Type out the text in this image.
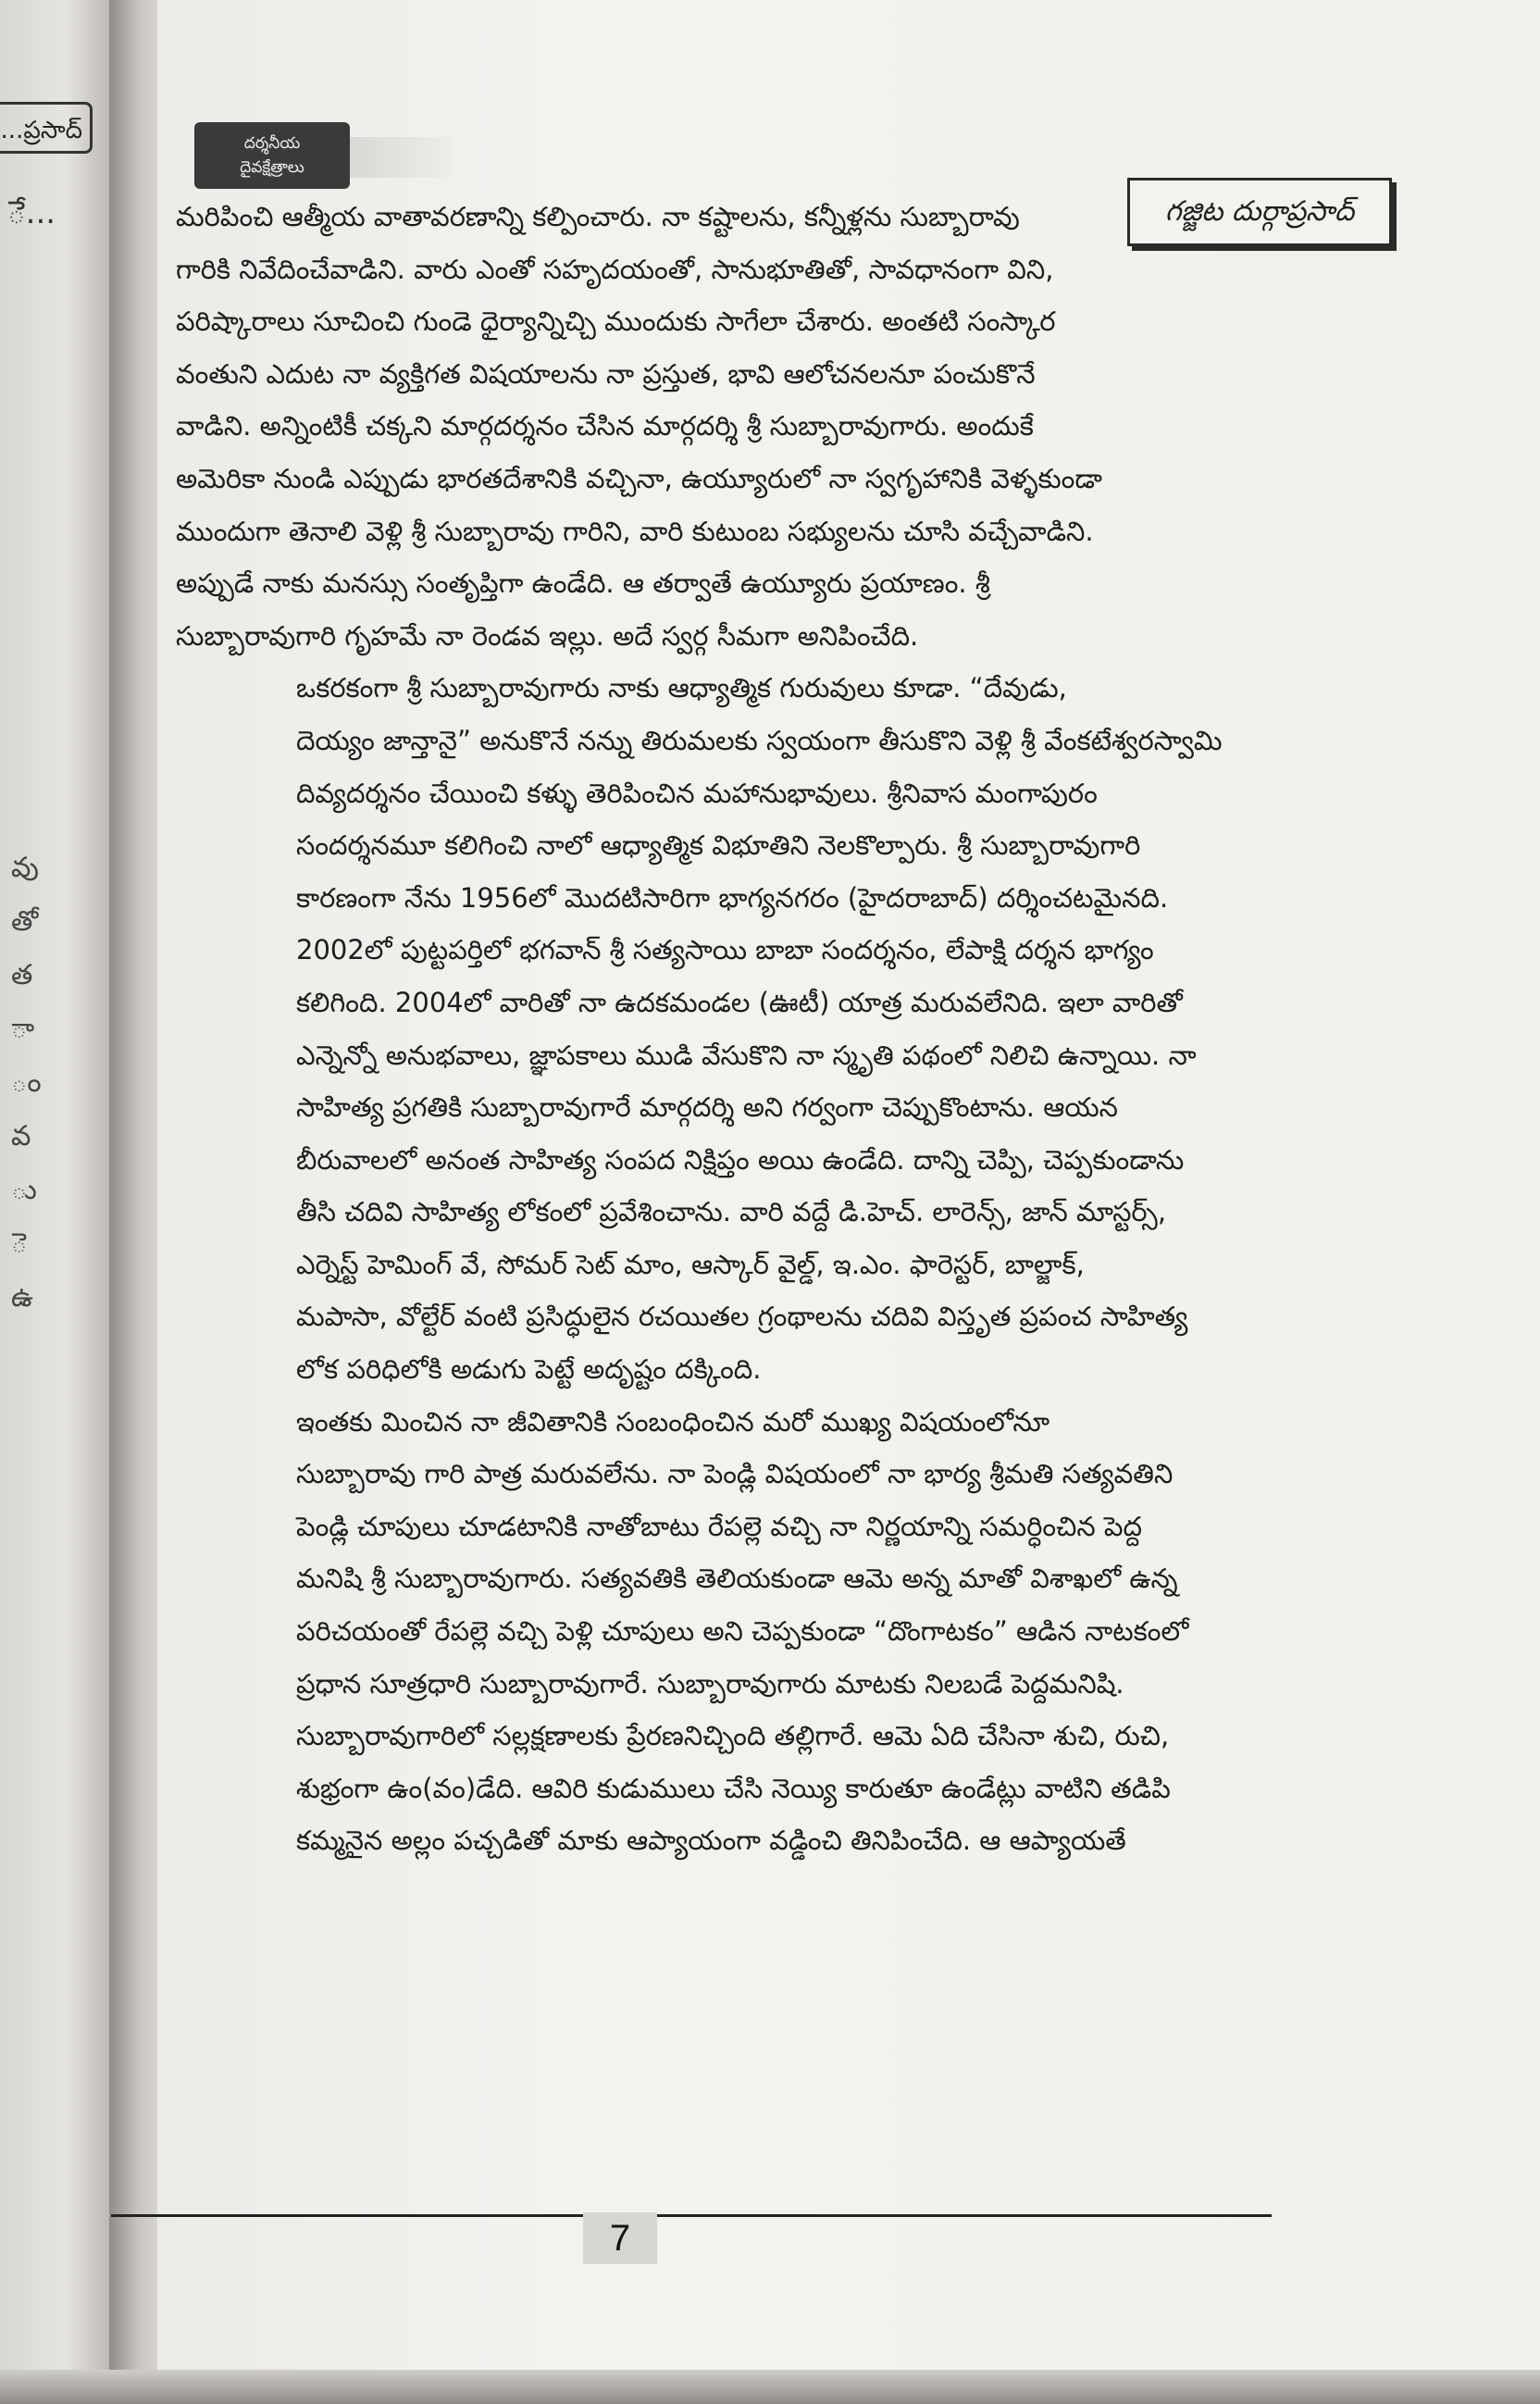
...ప్రసాద్
ే...
వు
తో
త
ా
ం
వ
ు
ె
ఉ
దర్శనీయ
దైవక్షేత్రాలు
గజ్జిట దుర్గాప్రసాద్

మరిపించి ఆత్మీయ వాతావరణాన్ని కల్పించారు. నా కష్టాలను, కన్నీళ్లను సుబ్బారావు
గారికి నివేదించేవాడిని. వారు ఎంతో సహృదయంతో, సానుభూతితో, సావధానంగా విని,
పరిష్కారాలు సూచించి గుండె ధైర్యాన్నిచ్చి ముందుకు సాగేలా చేశారు. అంతటి సంస్కార
వంతుని ఎదుట నా వ్యక్తిగత విషయాలను నా ప్రస్తుత, భావి ఆలోచనలనూ పంచుకొనే
వాడిని. అన్నింటికీ చక్కని మార్గదర్శనం చేసిన మార్గదర్శి శ్రీ సుబ్బారావుగారు. అందుకే
అమెరికా నుండి ఎప్పుడు భారతదేశానికి వచ్చినా, ఉయ్యూరులో నా స్వగృహానికి వెళ్ళకుండా
ముందుగా తెనాలి వెళ్లి శ్రీ సుబ్బారావు గారిని, వారి కుటుంబ సభ్యులను చూసి వచ్చేవాడిని.
అప్పుడే నాకు మనస్సు సంతృప్తిగా ఉండేది. ఆ తర్వాతే ఉయ్యూరు ప్రయాణం. శ్రీ
సుబ్బారావుగారి గృహమే నా రెండవ ఇల్లు. అదే స్వర్గ సీమగా అనిపించేది.

ఒకరకంగా శ్రీ సుబ్బారావుగారు నాకు ఆధ్యాత్మిక గురువులు కూడా. “దేవుడు,
దెయ్యం జాన్తానై” అనుకొనే నన్ను తిరుమలకు స్వయంగా తీసుకొని వెళ్లి శ్రీ వేంకటేశ్వరస్వామి
దివ్యదర్శనం చేయించి కళ్ళు తెరిపించిన మహానుభావులు. శ్రీనివాస మంగాపురం
సందర్శనమూ కలిగించి నాలో ఆధ్యాత్మిక విభూతిని నెలకొల్పారు. శ్రీ సుబ్బారావుగారి
కారణంగా నేను 1956లో మొదటిసారిగా భాగ్యనగరం (హైదరాబాద్) దర్శించటమైనది.
2002లో పుట్టపర్తిలో భగవాన్ శ్రీ సత్యసాయి బాబా సందర్శనం, లేపాక్షి దర్శన భాగ్యం
కలిగింది. 2004లో వారితో నా ఉదకమండల (ఊటీ) యాత్ర మరువలేనిది. ఇలా వారితో
ఎన్నెన్నో అనుభవాలు, జ్ఞాపకాలు ముడి వేసుకొని నా స్మృతి పథంలో నిలిచి ఉన్నాయి. నా
సాహిత్య ప్రగతికి సుబ్బారావుగారే మార్గదర్శి అని గర్వంగా చెప్పుకొంటాను. ఆయన
బీరువాలలో అనంత సాహిత్య సంపద నిక్షిప్తం అయి ఉండేది. దాన్ని చెప్పి, చెప్పకుండాను
తీసి చదివి సాహిత్య లోకంలో ప్రవేశించాను. వారి వద్దే డి.హెచ్. లారెన్స్, జాన్ మాస్టర్స్,
ఎర్నెస్ట్ హెమింగ్ వే, సోమర్ సెట్ మాం, ఆస్కార్ వైల్డ్, ఇ.ఎం. ఫారెస్టర్, బాల్జాక్,
మపాసా, వోల్టేర్ వంటి ప్రసిద్ధులైన రచయితల గ్రంథాలను చదివి విస్తృత ప్రపంచ సాహిత్య
లోక పరిధిలోకి అడుగు పెట్టే అదృష్టం దక్కింది.

ఇంతకు మించిన నా జీవితానికి సంబంధించిన మరో ముఖ్య విషయంలోనూ
సుబ్బారావు గారి పాత్ర మరువలేను. నా పెండ్లి విషయంలో నా భార్య శ్రీమతి సత్యవతిని
పెండ్లి చూపులు చూడటానికి నాతోబాటు రేపల్లె వచ్చి నా నిర్ణయాన్ని సమర్ధించిన పెద్ద
మనిషి శ్రీ సుబ్బారావుగారు. సత్యవతికి తెలియకుండా ఆమె అన్న మాతో విశాఖలో ఉన్న
పరిచయంతో రేపల్లె వచ్చి పెళ్లి చూపులు అని చెప్పకుండా “దొంగాటకం” ఆడిన నాటకంలో
ప్రధాన సూత్రధారి సుబ్బారావుగారే. సుబ్బారావుగారు మాటకు నిలబడే పెద్దమనిషి.
సుబ్బారావుగారిలో సల్లక్షణాలకు ప్రేరణనిచ్చింది తల్లిగారే. ఆమె ఏది చేసినా శుచి, రుచి,
శుభ్రంగా ఉం(వం)డేది. ఆవిరి కుడుములు చేసి నెయ్యి కారుతూ ఉండేట్లు వాటిని తడిపి
కమ్మనైన అల్లం పచ్చడితో మాకు ఆప్యాయంగా వడ్డించి తినిపించేది. ఆ ఆప్యాయతే

7
